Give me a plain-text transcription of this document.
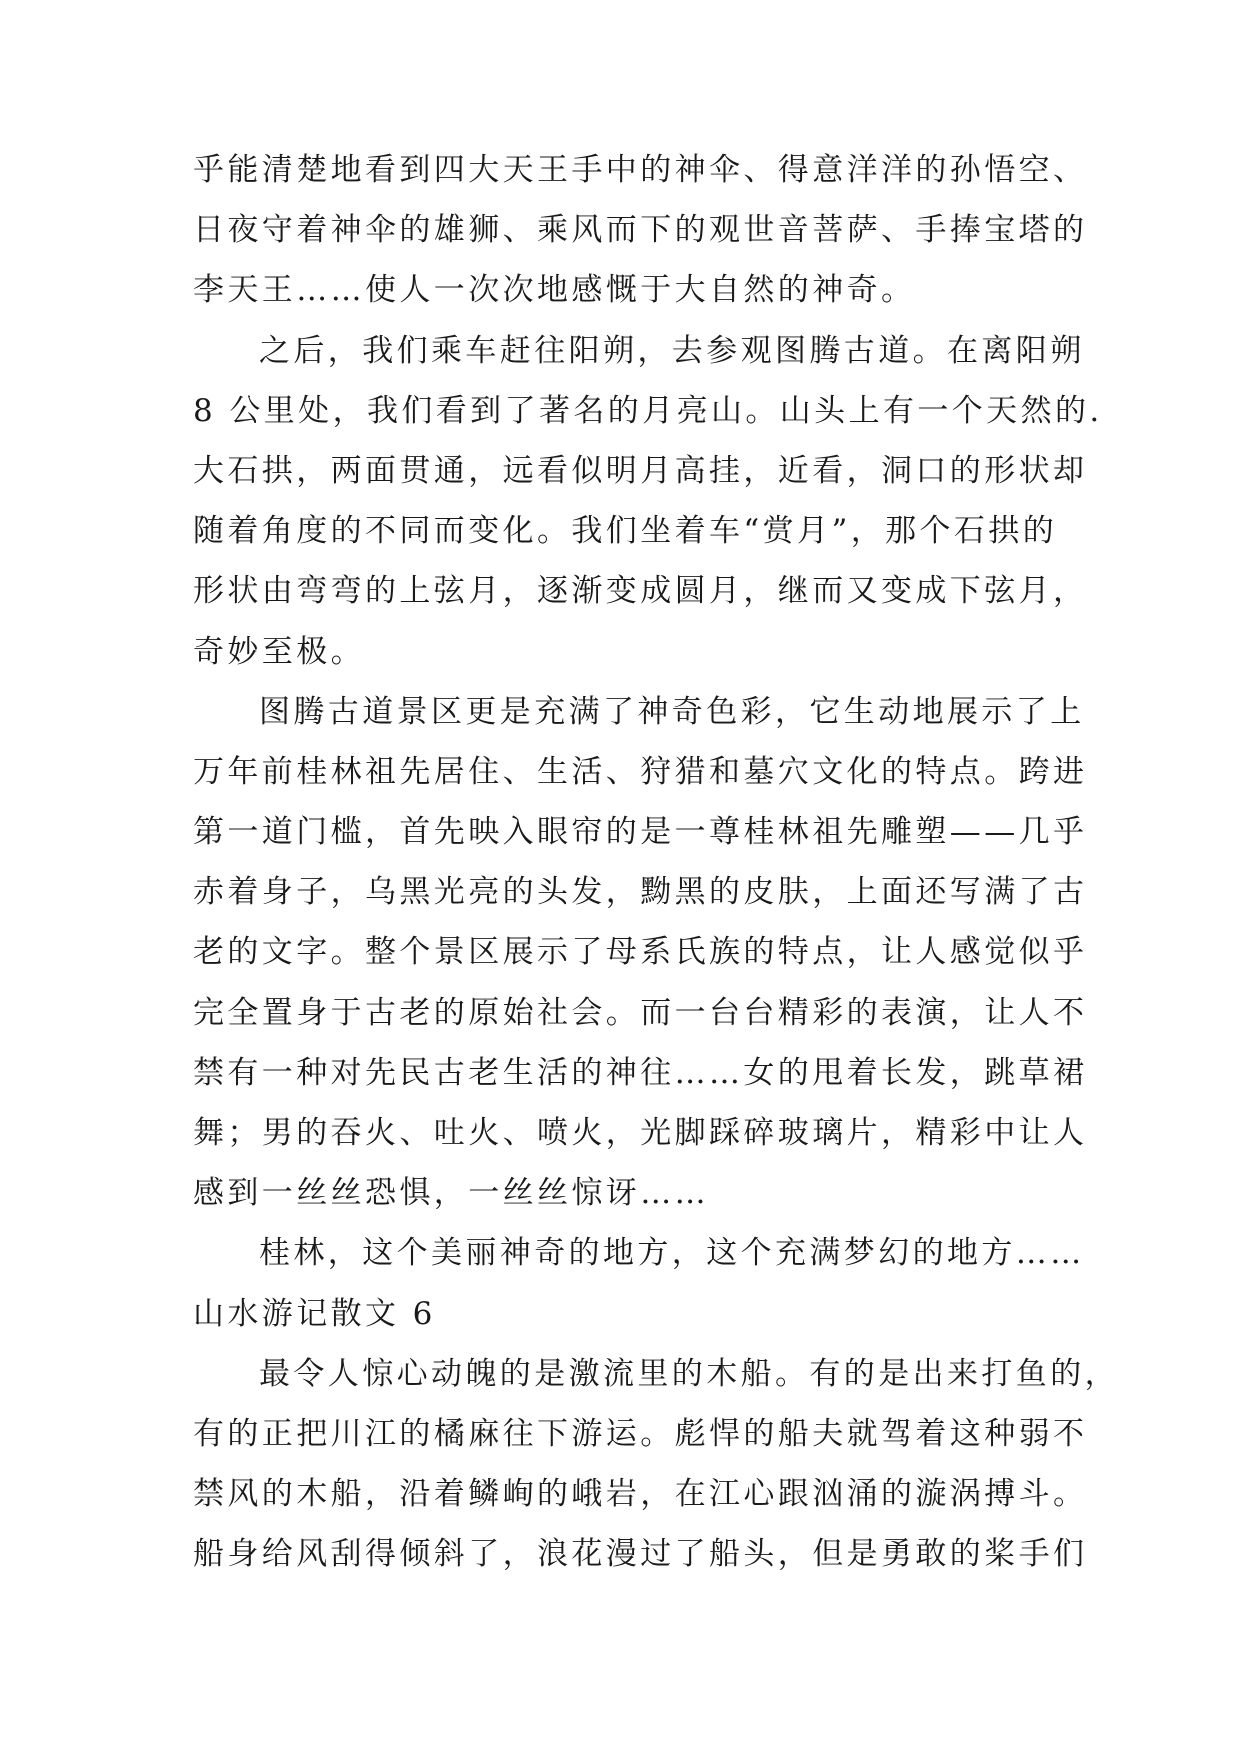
乎能清楚地看到四大天王手中的神伞、得意洋洋的孙悟空、
日夜守着神伞的雄狮、乘风而下的观世音菩萨、手捧宝塔的
李天王……使人一次次地感慨于大自然的神奇。
之后，我们乘车赶往阳朔，去参观图腾古道。在离阳朔
8 公里处，我们看到了著名的月亮山。山头上有一个天然的.
大石拱，两面贯通，远看似明月高挂，近看，洞口的形状却
随着角度的不同而变化。我们坐着车“赏月”，那个石拱的
形状由弯弯的上弦月，逐渐变成圆月，继而又变成下弦月，
奇妙至极。
图腾古道景区更是充满了神奇色彩，它生动地展示了上
万年前桂林祖先居住、生活、狩猎和墓穴文化的特点。跨进
第一道门槛，首先映入眼帘的是一尊桂林祖先雕塑——几乎
赤着身子，乌黑光亮的头发，黝黑的皮肤，上面还写满了古
老的文字。整个景区展示了母系氏族的特点，让人感觉似乎
完全置身于古老的原始社会。而一台台精彩的表演，让人不
禁有一种对先民古老生活的神往……女的甩着长发，跳草裙
舞；男的吞火、吐火、喷火，光脚踩碎玻璃片，精彩中让人
感到一丝丝恐惧，一丝丝惊讶……
桂林，这个美丽神奇的地方，这个充满梦幻的地方……
山水游记散文 6
最令人惊心动魄的是激流里的木船。有的是出来打鱼的，
有的正把川江的橘麻往下游运。彪悍的船夫就驾着这种弱不
禁风的木船，沿着鳞峋的峨岩，在江心跟汹涌的漩涡搏斗。
船身给风刮得倾斜了，浪花漫过了船头，但是勇敢的桨手们
